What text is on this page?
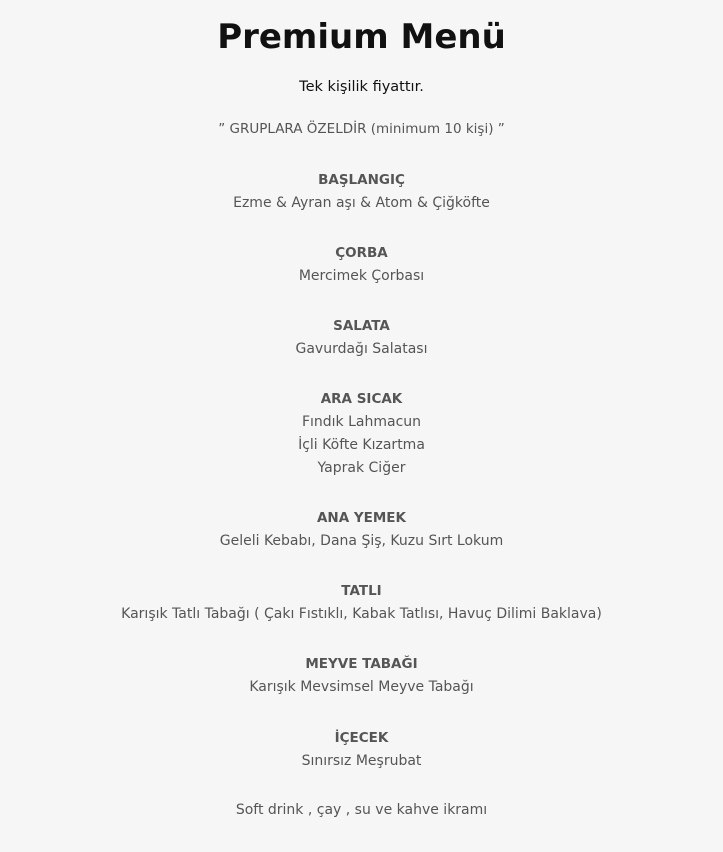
Premium Menü
Tek kişilik fiyattır.
” GRUPLARA ÖZELDİR (minimum 10 kişi) ”
BAŞLANGIÇ
Ezme & Ayran aşı & Atom & Çiğköfte
ÇORBA
Mercimek Çorbası
SALATA
Gavurdağı Salatası
ARA SICAK
Fındık Lahmacun
İçli Köfte Kızartma
Yaprak Ciğer
ANA YEMEK
Geleli Kebabı, Dana Şiş, Kuzu Sırt Lokum
TATLI
Karışık Tatlı Tabağı ( Çakı Fıstıklı, Kabak Tatlısı, Havuç Dilimi Baklava)
MEYVE TABAĞI
Karışık Mevsimsel Meyve Tabağı
İÇECEK
Sınırsız Meşrubat
Soft drink , çay , su ve kahve ikramı
